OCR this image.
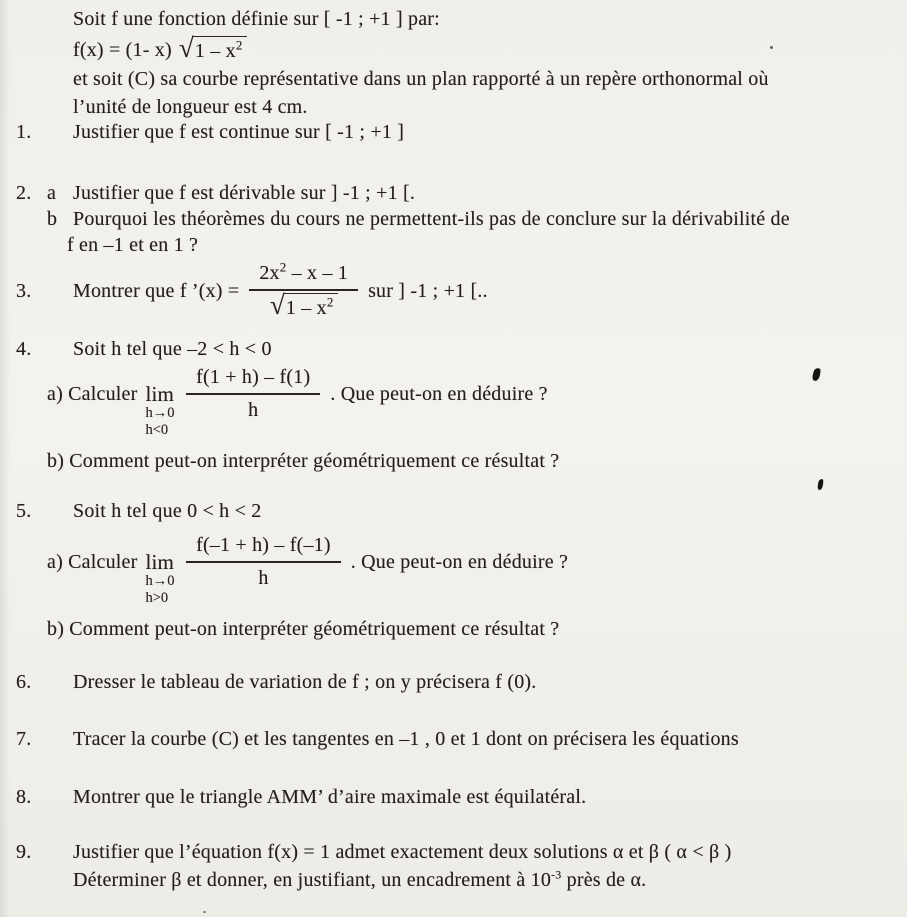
Soit f une fonction définie sur [ -1 ; +1 ] par:
f(x) = (1- x) √ $1 - x^2$
et soit (C) sa courbe représentative dans un plan rapporté à un repère orthonormal où
l’unité de longueur est 4 cm.
1.	Justifier que f est continue sur [ -1 ; +1 ]
2. a Justifier que f est dérivable sur ] -1 ; +1 [.
b Pourquoi les théorèmes du cours ne permettent-ils pas de conclure sur la dérivabilité de
f en –1 et en 1 ?
3.	Montrer que f ’(x) = $\frac{2x^2 - x - 1}{√ 1 - x^2}$ sur ] -1 ; +1 [..
4.	Soit h tel que –2 < h < 0
a) Calculer lim
h→0
h<0
$\frac{f(1 + h) - f(1)}{h}$ . Que peut-on en déduire ?
b) Comment peut-on interpréter géométriquement ce résultat ?
5.	Soit h tel que 0 < h < 2
a) Calculer lim
h→0
h>0
$\frac{f(-1 + h) - f(-1)}{h}$ . Que peut-on en déduire ?
b) Comment peut-on interpréter géométriquement ce résultat ?
6.	Dresser le tableau de variation de f ; on y précisera f (0).
7.	Tracer la courbe (C) et les tangentes en –1 , 0 et 1 dont on précisera les équations
8.	Montrer que le triangle AMM’ d’aire maximale est équilatéral.
9.	Justifier que l’équation f(x) = 1 admet exactement deux solutions α et β ( α < β )
Déterminer β et donner, en justifiant, un encadrement à $10^{-3}$ près de α.
